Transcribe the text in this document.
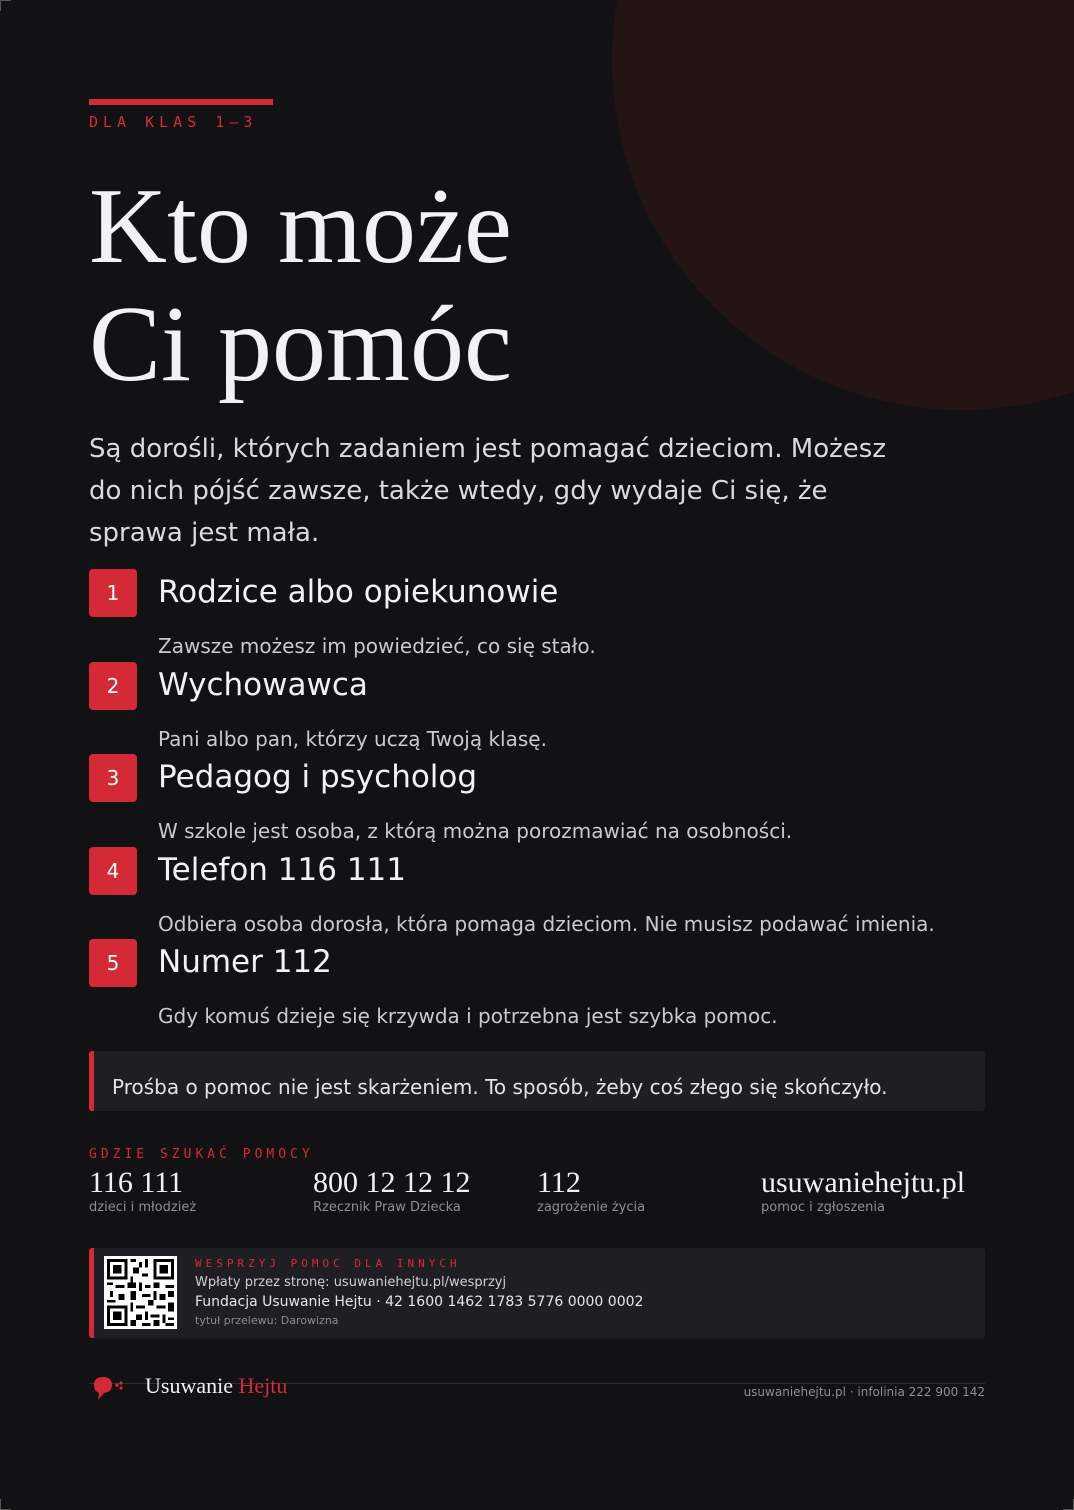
DLA KLAS 1–3
Kto może
Ci pomóc

Są dorośli, których zadaniem jest pomagać dzieciom. Możesz do nich pójść zawsze, także wtedy, gdy wydaje Ci się, że sprawa jest mała.

1	Rodzice albo opiekunowie
Zawsze możesz im powiedzieć, co się stało.
2	Wychowawca
Pani albo pan, którzy uczą Twoją klasę.
3	Pedagog i psycholog
W szkole jest osoba, z którą można porozmawiać na osobności.
4	Telefon 116 111
Odbiera osoba dorosła, która pomaga dzieciom. Nie musisz podawać imienia.
5	Numer 112
Gdy komuś dzieje się krzywda i potrzebna jest szybka pomoc.
Prośba o pomoc nie jest skarżeniem. To sposób, żeby coś złego się skończyło.
GDZIE SZUKAĆ POMOCY
116 111
dzieci i młodzież
800 12 12 12
Rzecznik Praw Dziecka
112
zagrożenie życia
usuwaniehejtu.pl
pomoc i zgłoszenia
WESPRZYJ POMOC DLA INNYCH
Wpłaty przez stronę: usuwaniehejtu.pl/wesprzyj
Fundacja Usuwanie Hejtu · 42 1600 1462 1783 5776 0000 0002
tytuł przelewu: Darowizna
Usuwanie Hejtu	usuwaniehejtu.pl · infolinia 222 900 142
